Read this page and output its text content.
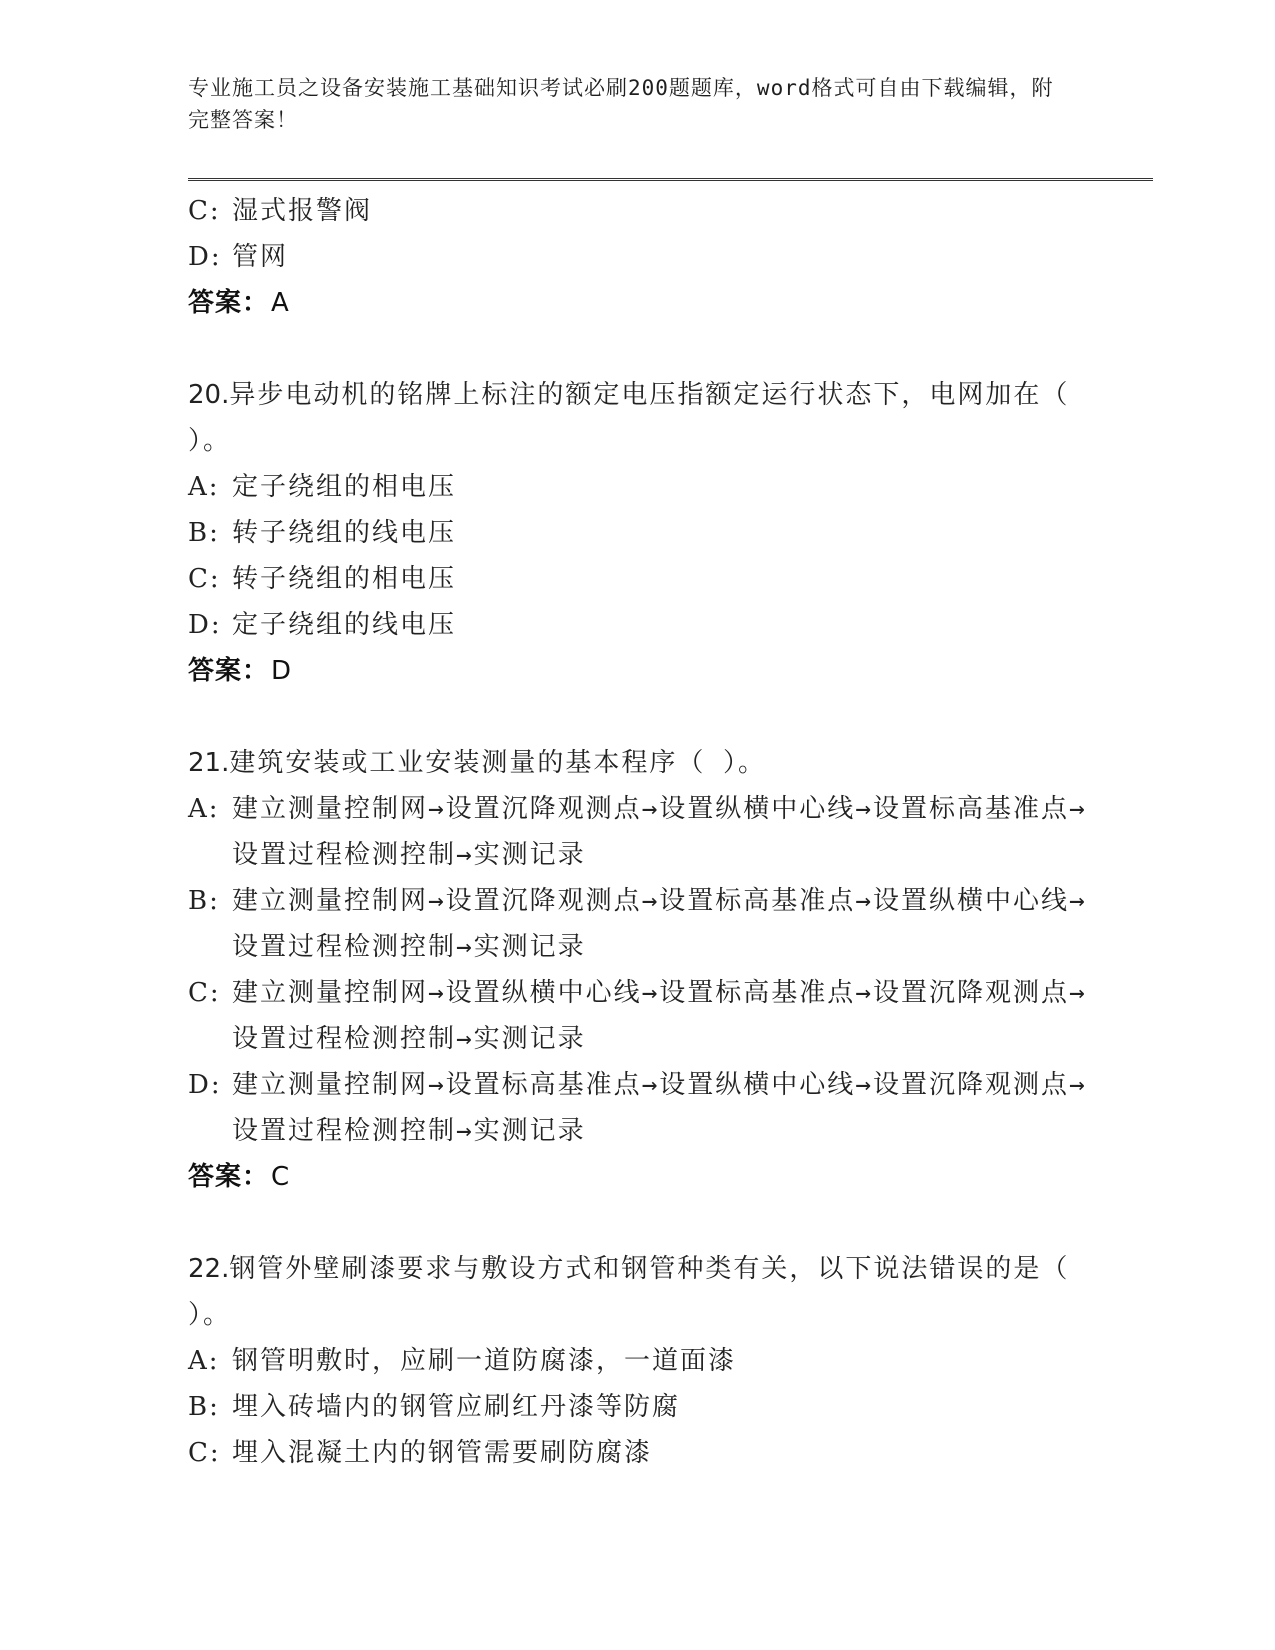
专业施工员之设备安装施工基础知识考试必刷200题题库，word格式可自由下载编辑，附完整答案！
C: 湿式报警阀
D: 管网
答案：A
20.异步电动机的铭牌上标注的额定电压指额定运行状态下，电网加在（ ）。
A: 定子绕组的相电压
B: 转子绕组的线电压
C: 转子绕组的相电压
D: 定子绕组的线电压
答案：D
21.建筑安装或工业安装测量的基本程序（ ）。
A: 建立测量控制网→设置沉降观测点→设置纵横中心线→设置标高基准点→设置过程检测控制→实测记录
B: 建立测量控制网→设置沉降观测点→设置标高基准点→设置纵横中心线→设置过程检测控制→实测记录
C: 建立测量控制网→设置纵横中心线→设置标高基准点→设置沉降观测点→设置过程检测控制→实测记录
D: 建立测量控制网→设置标高基准点→设置纵横中心线→设置沉降观测点→设置过程检测控制→实测记录
答案：C
22.钢管外壁刷漆要求与敷设方式和钢管种类有关，以下说法错误的是（ ）。
A: 钢管明敷时，应刷一道防腐漆，一道面漆
B: 埋入砖墙内的钢管应刷红丹漆等防腐
C: 埋入混凝土内的钢管需要刷防腐漆
